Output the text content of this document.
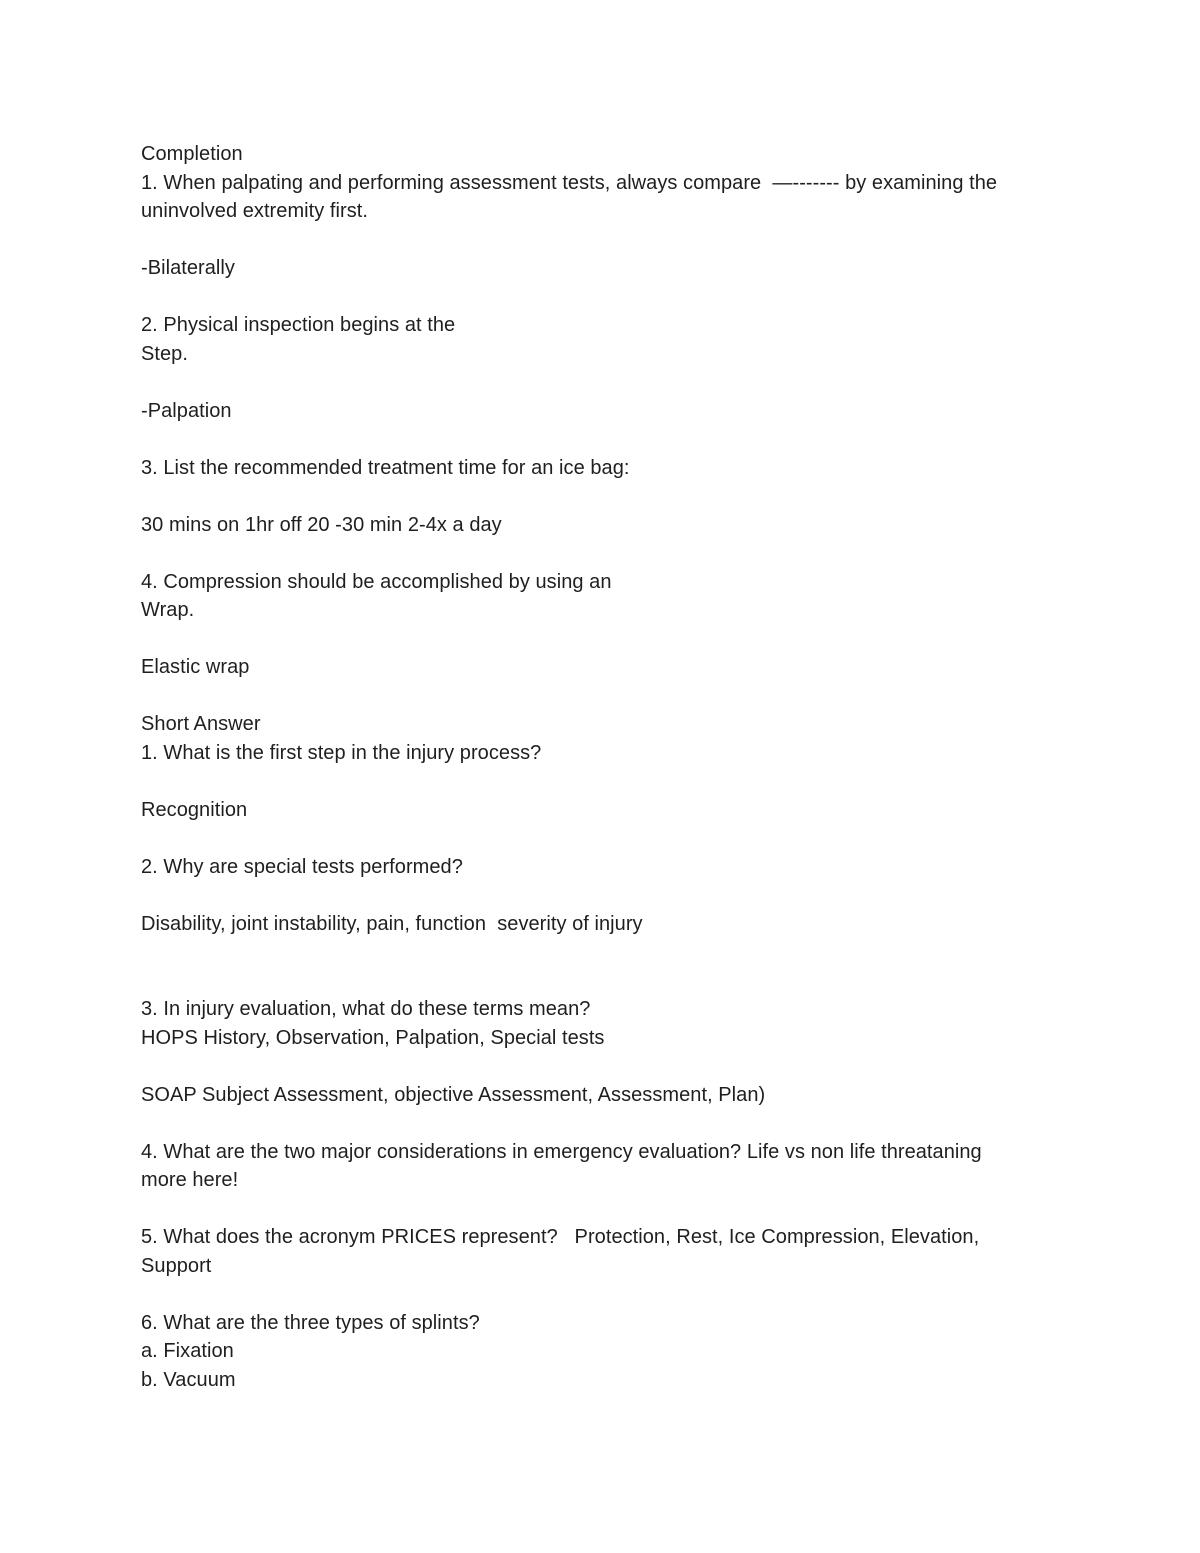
Completion
1. When palpating and performing assessment tests, always compare  —------- by examining the
uninvolved extremity first.
-Bilaterally
2. Physical inspection begins at the
Step.
-Palpation
3. List the recommended treatment time for an ice bag:
30 mins on 1hr off 20 -30 min 2-4x a day
4. Compression should be accomplished by using an
Wrap.
Elastic wrap
Short Answer
1. What is the first step in the injury process?
Recognition
2. Why are special tests performed?
Disability, joint instability, pain, function  severity of injury
3. In injury evaluation, what do these terms mean?
HOPS History, Observation, Palpation, Special tests
SOAP Subject Assessment, objective Assessment, Assessment, Plan)
4. What are the two major considerations in emergency evaluation? Life vs non life threataning
more here!
5. What does the acronym PRICES represent?   Protection, Rest, Ice Compression, Elevation,
Support
6. What are the three types of splints?
a. Fixation
b. Vacuum
